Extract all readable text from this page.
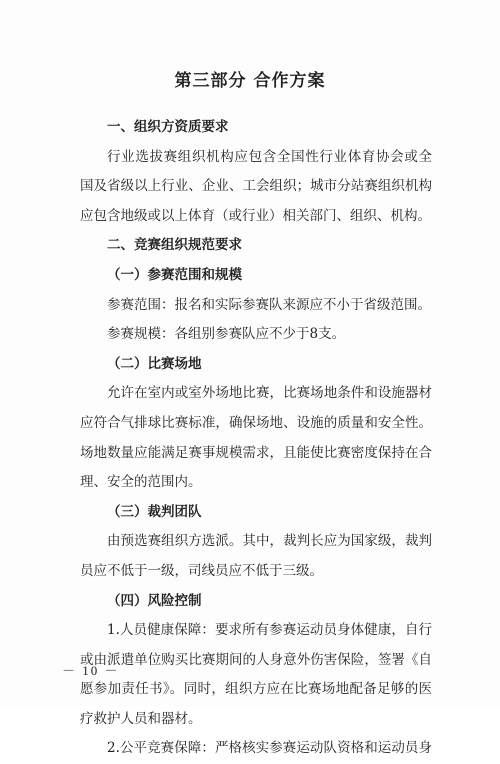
第三部分 合作方案
一、组织方资质要求
行业选拔赛组织机构应包含全国性行业体育协会或全
国及省级以上行业、企业、工会组织；城市分站赛组织机构
应包含地级或以上体育（或行业）相关部门、组织、机构。
二、竞赛组织规范要求
（一）参赛范围和规模
参赛范围：报名和实际参赛队来源应不小于省级范围。
参赛规模：各组别参赛队应不少于8支。
（二）比赛场地
允许在室内或室外场地比赛，比赛场地条件和设施器材
应符合气排球比赛标准，确保场地、设施的质量和安全性。
场地数量应能满足赛事规模需求，且能使比赛密度保持在合
理、安全的范围内。
（三）裁判团队
由预选赛组织方选派。其中，裁判长应为国家级，裁判
员应不低于一级，司线员应不低于三级。
（四）风险控制
1.人员健康保障：要求所有参赛运动员身体健康，自行
或由派遣单位购买比赛期间的人身意外伤害保险，签署《自
愿参加责任书》。同时，组织方应在比赛场地配备足够的医
疗救护人员和器材。
2.公平竞赛保障：严格核实参赛运动队资格和运动员身
－ 10 －
